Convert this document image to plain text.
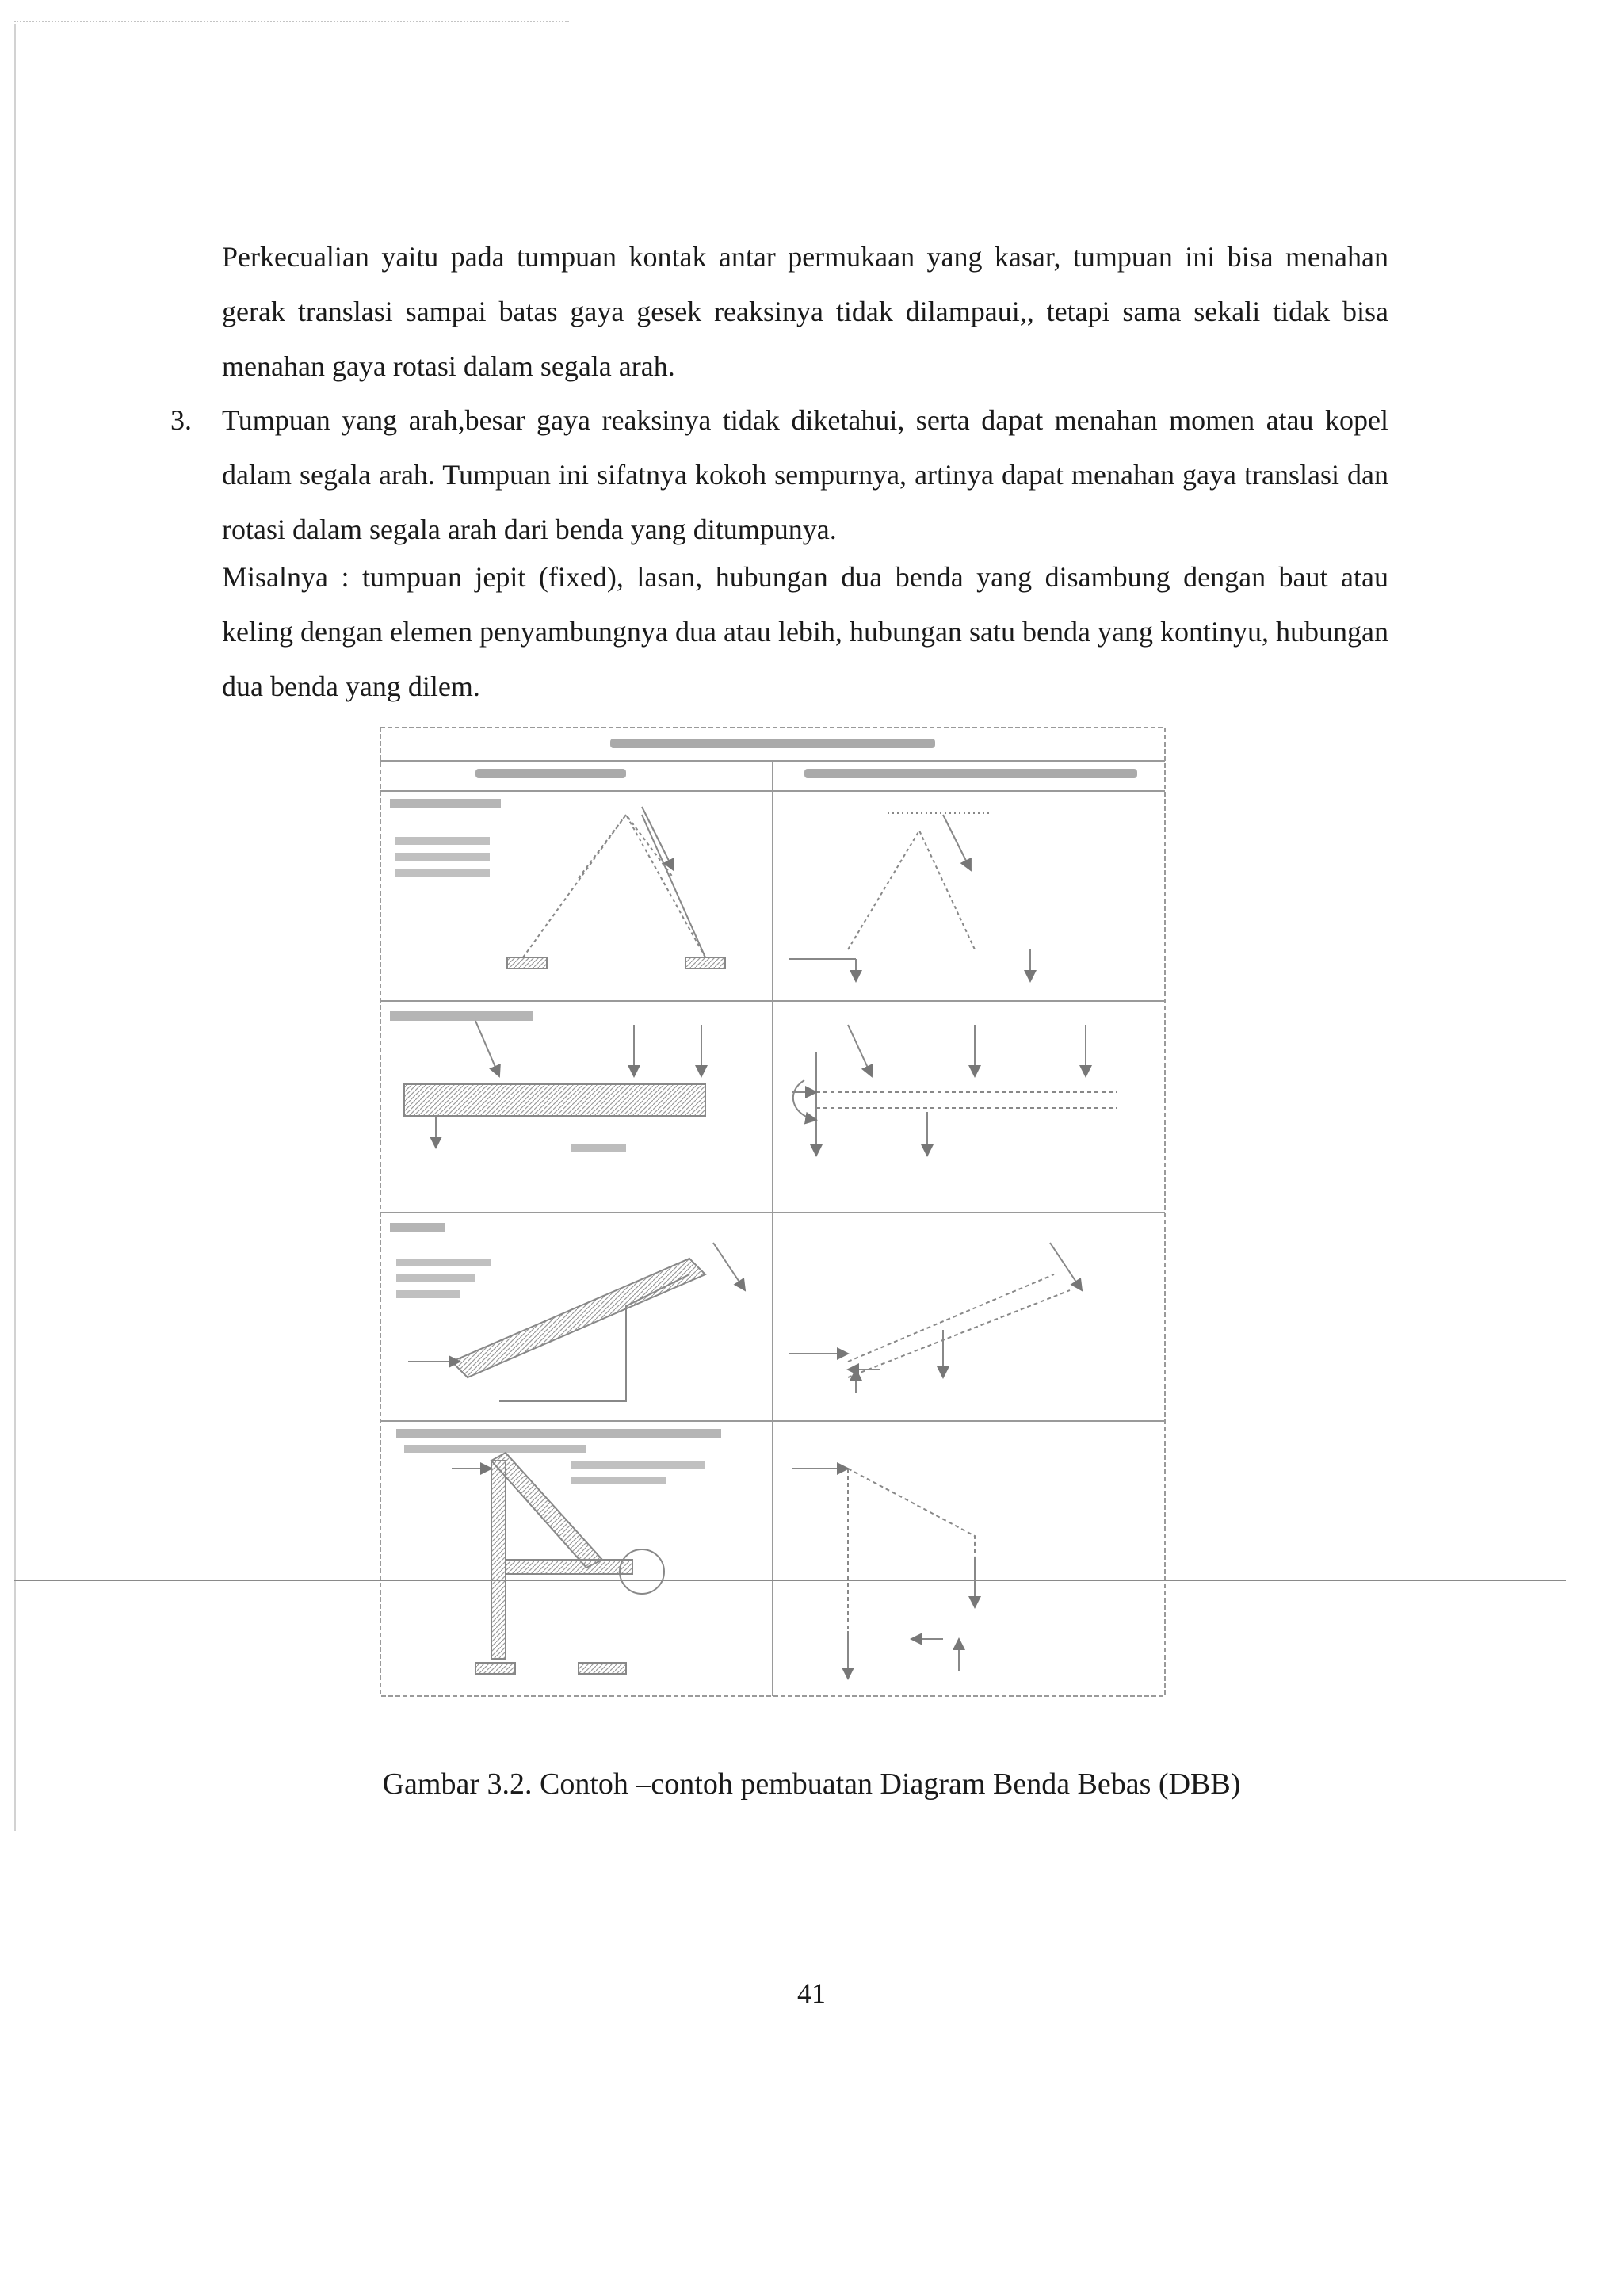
Perkecualian yaitu pada tumpuan kontak antar permukaan yang kasar, tumpuan ini bisa menahan gerak translasi sampai batas gaya gesek reaksinya tidak dilampaui,, tetapi sama sekali tidak bisa menahan gaya rotasi dalam segala arah.

3. Tumpuan yang arah,besar gaya reaksinya tidak diketahui, serta dapat menahan momen atau kopel dalam segala arah. Tumpuan ini sifatnya kokoh sempurnya, artinya dapat menahan gaya translasi dan rotasi dalam segala arah dari benda yang ditumpunya.

Misalnya : tumpuan jepit (fixed), lasan, hubungan dua benda yang disambung dengan baut atau keling dengan elemen penyambungnya dua atau lebih, hubungan satu benda yang kontinyu, hubungan dua benda yang dilem.

Gambar 3.2. Contoh –contoh pembuatan Diagram Benda Bebas (DBB)
41
